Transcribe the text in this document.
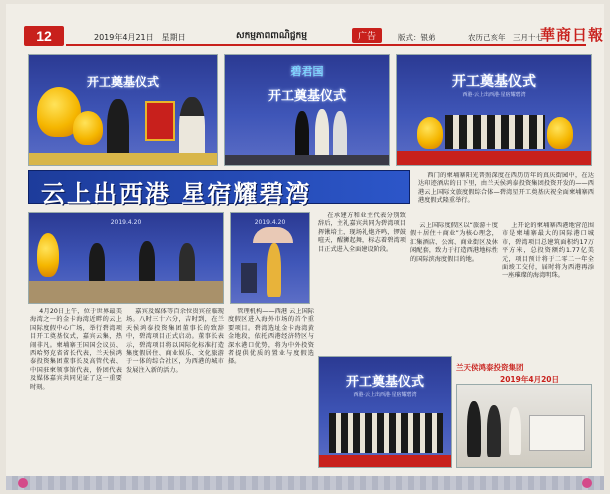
12	2019年4月21日　星期日	សកម្មភាពពាណិជ្ជកម្ម	广告	版式：银弟	农历己亥年　三月十七
華商日報
开工奠基仪式
碧君国
开工奠基仪式
开工奠基仪式
西港·云上出西港·星宿耀碧湾
云上出西港 星宿耀碧湾

西门的柬埔寨阳光普照深度在西历历年的真庆街园中，在达达印迹酒店的日下里，由兰天侯鸿泰投资集团投资开发的——西港云上国际文旅度假综合体—碧湾星开工奠基庆祝全面柬埔寨西港度假式隆重举行。

2019.4.20	2019.4.20

4月20日上午，位于世界最美海湾之一的金卡海湾近畔的云上国际度假中心广场，举行碧湾项目开工奠基仪式，嘉宾云集，热闹非凡。柬埔寨王国国会议员、西哈努克省省长代表，兰天侯鸿泰投资集团董事长及高管代表、中国驻柬领事馆代表，侨团代表及媒体嘉宾共同见证了这一重要时刻。

嘉宾及媒体等百余位贵宾莅临现场。八时三十六分，吉时到，在兰天侯鸿泰投资集团董事长的致辞中，碧湾项目正式启动。董事长表示，碧湾项目将以国际化标准打造集度假居住、商业娱乐、文化旅游于一体的综合社区，为西港的城市发展注入新的活力。

管理机构——西港 云上国际度假区进入海外市场的首个重要项目。碧湾选址金卡海湾黄金地段，依托西港经济特区与深水港口优势，将为中外投资者提供优质的置业与度假选择。

在承建方和业主代表分别致辞后，主礼嘉宾共同为碧湾项目挥锹培土，现场礼炮齐鸣，锣鼓喧天，醒狮起舞，标志着碧湾项目正式进入全面建设阶段。

云上国际度假区以“旅游＋度假＋居住＋商业”为核心理念，汇集酒店、公寓、商业街区及休闲配套，致力于打造西港地标性的国际滨海度假目的地。

上开论的柬埔寨西港地营范围市是柬埔寨最大的国际港口城市，碧湾项目总建筑面积约17万平方米，总投资额约1.77亿美元，项目预计将于二零二一年全面竣工交付，届时将为西港再添一座璀璨的海湾明珠。

兰天侯鸿泰投资集团
2019年4月20日
开工奠基仪式
西港·云上出西港·星宿耀碧湾
